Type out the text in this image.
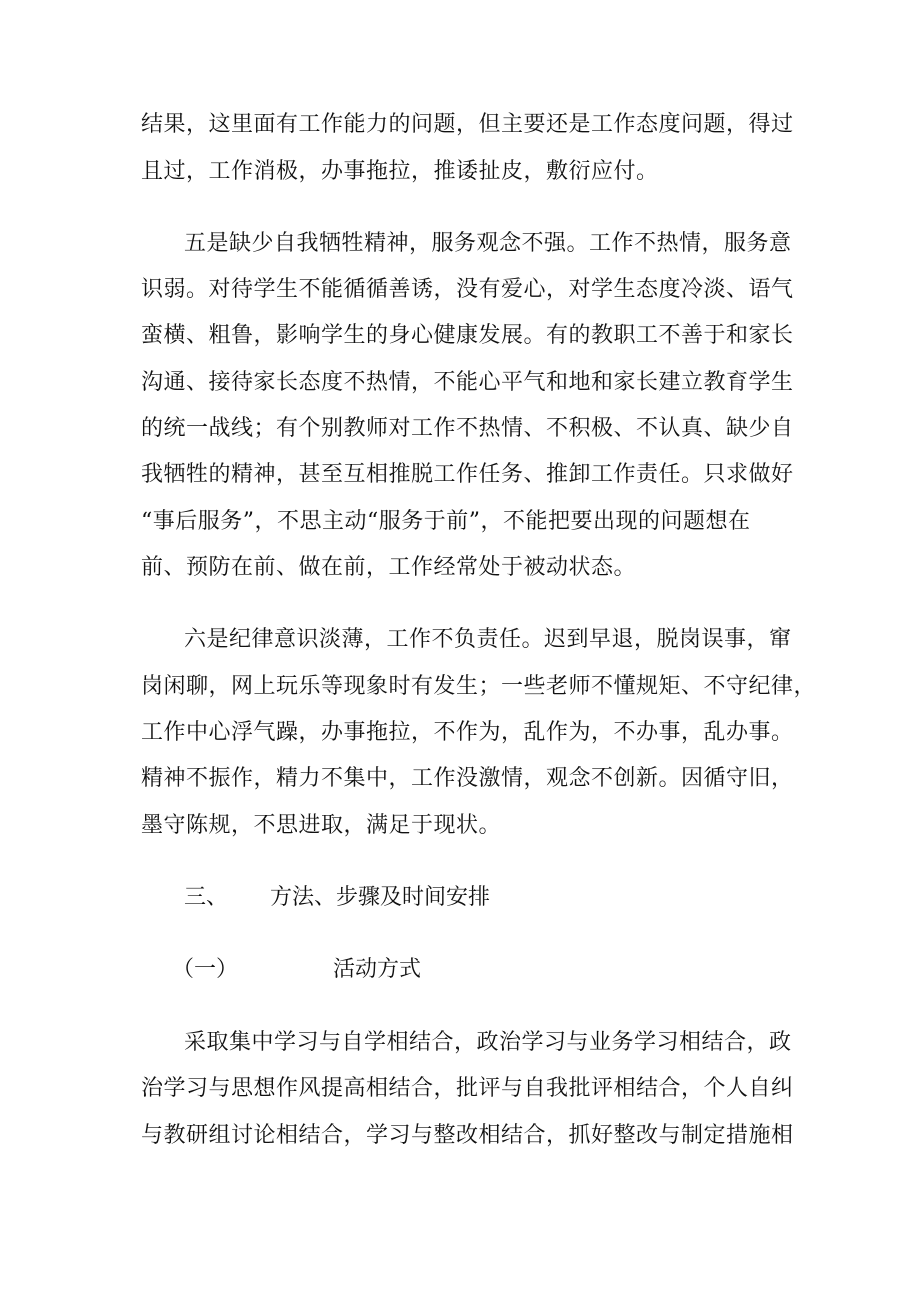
结果，这里面有工作能力的问题，但主要还是工作态度问题，得过
且过，工作消极，办事拖拉，推诿扯皮，敷衍应付。
五是缺少自我牺牲精神，服务观念不强。工作不热情，服务意
识弱。对待学生不能循循善诱，没有爱心，对学生态度冷淡、语气
蛮横、粗鲁，影响学生的身心健康发展。有的教职工不善于和家长
沟通、接待家长态度不热情，不能心平气和地和家长建立教育学生
的统一战线；有个别教师对工作不热情、不积极、不认真、缺少自
我牺牲的精神，甚至互相推脱工作任务、推卸工作责任。只求做好
“事后服务”，不思主动“服务于前”，不能把要出现的问题想在
前、预防在前、做在前，工作经常处于被动状态。
六是纪律意识淡薄，工作不负责任。迟到早退，脱岗误事，窜
岗闲聊，网上玩乐等现象时有发生；一些老师不懂规矩、不守纪律，
工作中心浮气躁，办事拖拉，不作为，乱作为，不办事，乱办事。
精神不振作，精力不集中，工作没激情，观念不创新。因循守旧，
墨守陈规，不思进取，满足于现状。
三、 方法、步骤及时间安排
（一）	活动方式
采取集中学习与自学相结合，政治学习与业务学习相结合，政
治学习与思想作风提高相结合，批评与自我批评相结合，个人自纠
与教研组讨论相结合，学习与整改相结合，抓好整改与制定措施相
